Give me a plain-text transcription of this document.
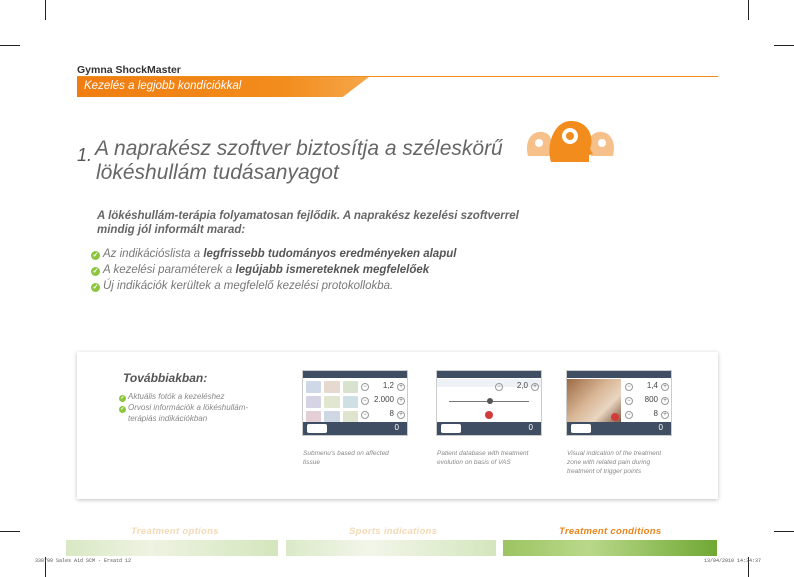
Gymna ShockMaster
Kezelés a legjobb kondíciókkal
1. A naprakész szoftver biztosítja a széleskörű
lökéshullám tudásanyagot
A lökéshullám-terápia folyamatosan fejlődik. A naprakész kezelési szoftverrel
mindig jól informált marad:
✓ Az indikációslista a legfrissebb tudományos eredményeken alapul
✓ A kezelési paraméterek a legújabb ismereteknek megfelelőek
✓ Új indikációk kerültek a megfelelő kezelési protokollokba.
Továbbiakban:
✓ Aktuális fotók a kezeléshez
✓ Orvosi információk a lökéshullám-
terápiás indikációkban
− 1,2 +
− 2.000 +
−	8 +
0
Submenu's based on affected tissue
− 2,0 +
0
Patient database with treatment
evolution on basis of VAS
− 1,4 +
− 800 +
−	8 +
0
Visual indication of the treatment
zone with related pain during
treatment of trigger points
Treatment options	Sports indications	Treatment conditions
330799 Sales Aid SCM - Ersatd 12	13/04/2010 14:34:37
